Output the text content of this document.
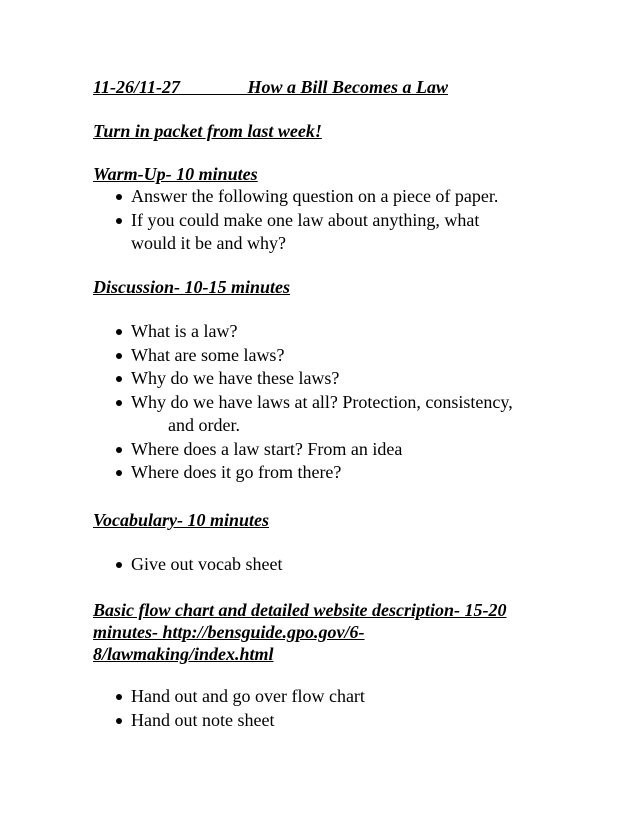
11-26/11-27	How a Bill Becomes a Law
Turn in packet from last week!
Warm-Up- 10 minutes
Answer the following question on a piece of paper.
If you could make one law about anything, what would it be and why?
Discussion- 10-15 minutes
What is a law?
What are some laws?
Why do we have these laws?
Why do we have laws at all? Protection, consistency,
and order.
Where does a law start? From an idea
Where does it go from there?
Vocabulary- 10 minutes
Give out vocab sheet
Basic flow chart and detailed website description- 15-20 minutes- http://bensguide.gpo.gov/6-8/lawmaking/index.html
Hand out and go over flow chart
Hand out note sheet
